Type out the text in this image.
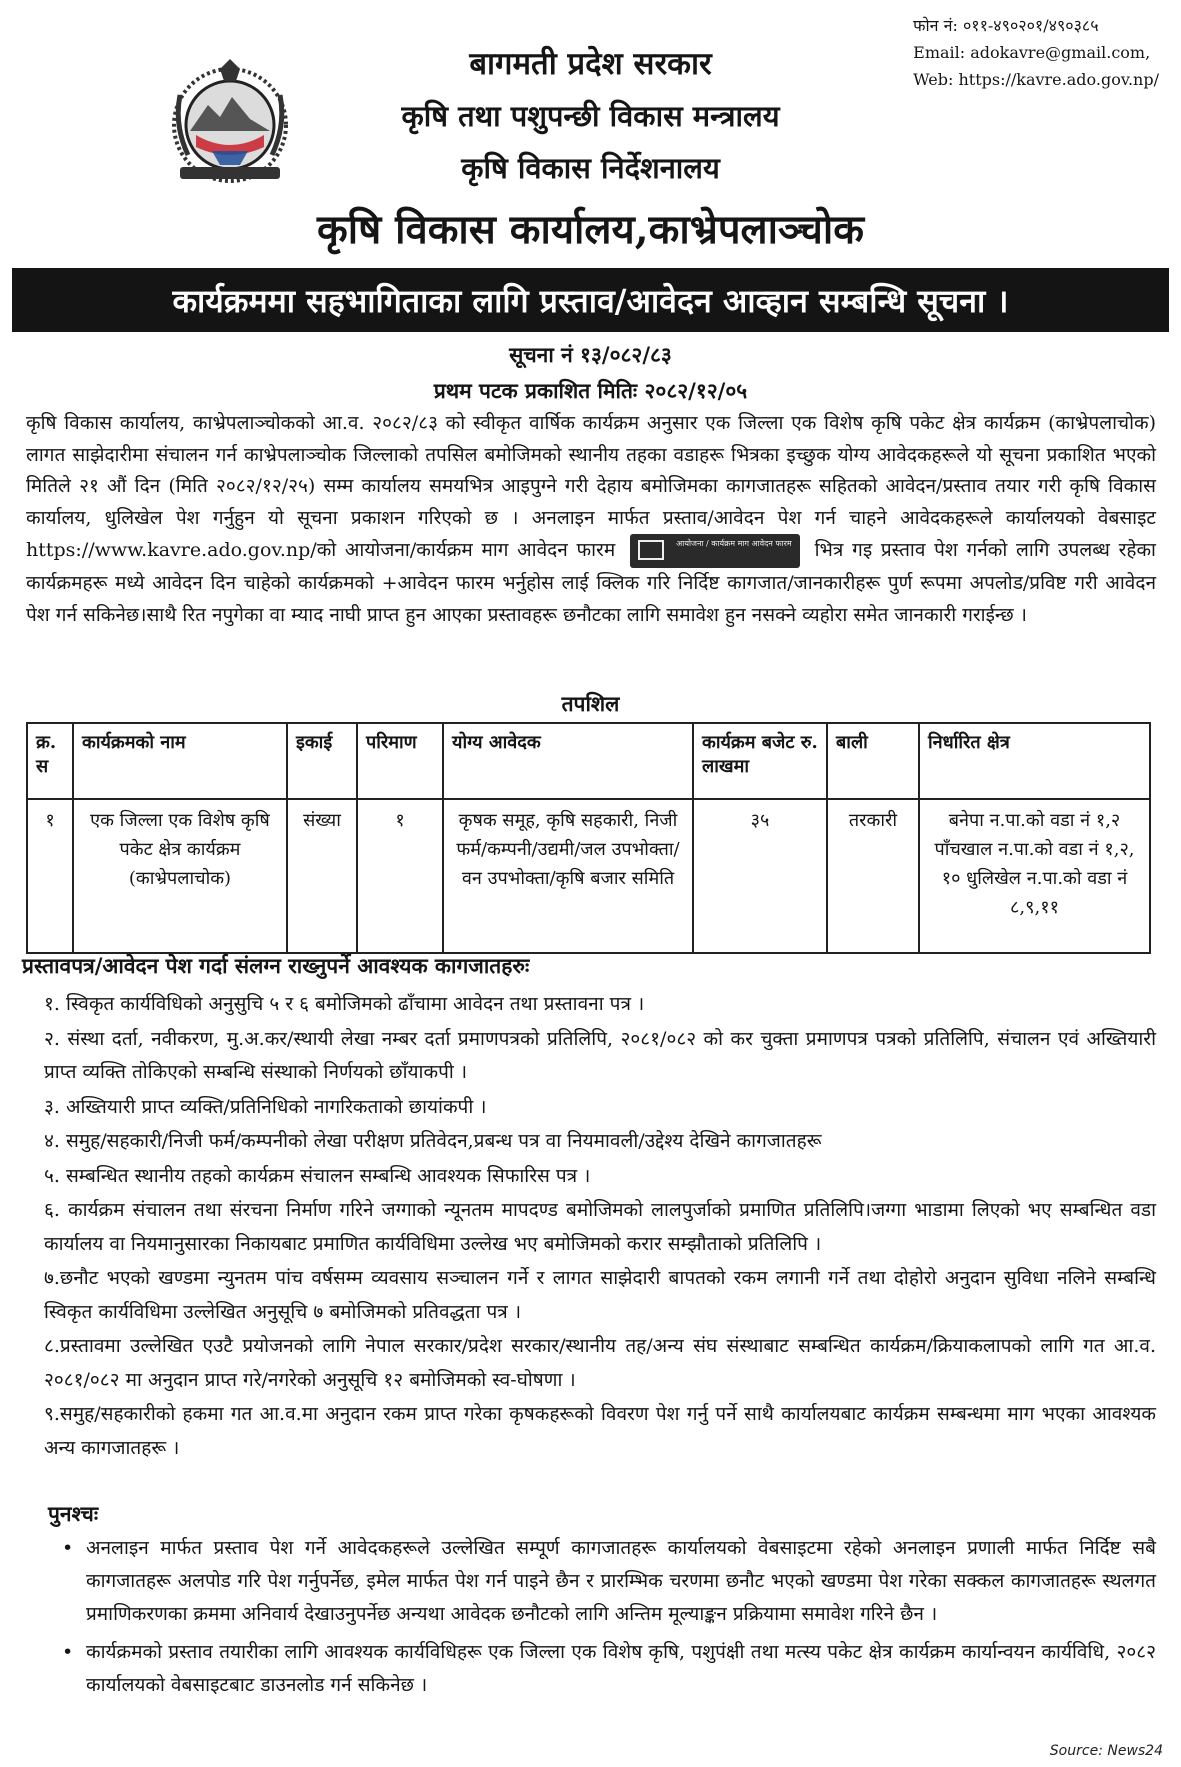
फोन नं: ०११-४९०२०१/४९०३८५
Email: adokavre@gmail.com,
Web: https://kavre.ado.gov.np/
बागमती प्रदेश सरकार
कृषि तथा पशुपन्छी विकास मन्त्रालय
कृषि विकास निर्देशनालय
कृषि विकास कार्यालय,काभ्रेपलाञ्चोक
कार्यक्रममा सहभागिताका लागि प्रस्ताव/आवेदन आव्हान सम्बन्धि सूचना ।
सूचना नं १३/०८२/८३
प्रथम पटक प्रकाशित मितिः २०८२/१२/०५
कृषि विकास कार्यालय, काभ्रेपलाञ्चोकको आ.व. २०८२/८३ को स्वीकृत वार्षिक कार्यक्रम अनुसार एक जिल्ला एक विशेष कृषि पकेट क्षेत्र कार्यक्रम (काभ्रेपलाचोक) लागत साझेदारीमा संचालन गर्न काभ्रेपलाञ्चोक जिल्लाको तपसिल बमोजिमको स्थानीय तहका वडाहरू भित्रका इच्छुक योग्य आवेदकहरूले यो सूचना प्रकाशित भएको मितिले २१ औं दिन (मिति २०८२/१२/२५) सम्म कार्यालय समयभित्र आइपुग्ने गरी देहाय बमोजिमका कागजातहरू सहितको आवेदन/प्रस्ताव तयार गरी कृषि विकास कार्यालय, धुलिखेल पेश गर्नुहुन यो सूचना प्रकाशन गरिएको छ । अनलाइन मार्फत प्रस्ताव/आवेदन पेश गर्न चाहने आवेदकहरूले कार्यालयको वेबसाइट https://www.kavre.ado.gov.np/को आयोजना/कार्यक्रम माग आवेदन फारम	आयोजना / कार्यक्रम माग आवेदन फारम भित्र गइ प्रस्ताव पेश गर्नको लागि उपलब्ध रहेका कार्यक्रमहरू मध्ये आवेदन दिन चाहेको कार्यक्रमको +आवेदन फारम भर्नुहोस लाई क्लिक गरि निर्दिष्ट कागजात/जानकारीहरू पुर्ण रूपमा अपलोड/प्रविष्ट गरी आवेदन पेश गर्न सकिनेछ।साथै रित नपुगेका वा म्याद नाघी प्राप्त हुन आएका प्रस्तावहरू छनौटका लागि समावेश हुन नसक्ने व्यहोरा समेत जानकारी गराईन्छ ।
तपशिल
क्र. स	कार्यक्रमको नाम	इकाई	परिमाण	योग्य आवेदक	कार्यक्रम बजेट रु. लाखमा	बाली	निर्धारित क्षेत्र
१	एक जिल्ला एक विशेष कृषि पकेट क्षेत्र कार्यक्रम (काभ्रेपलाचोक)	संख्या	१	कृषक समूह, कृषि सहकारी, निजी फर्म/कम्पनी/उद्यमी/जल उपभोक्ता/वन उपभोक्ता/कृषि बजार समिति	३५	तरकारी	बनेपा न.पा.को वडा नं १,२ पाँचखाल न.पा.को वडा नं १,२, १० धुलिखेल न.पा.को वडा नं ८,९,११
प्रस्तावपत्र/आवेदन पेश गर्दा संलग्न राख्नुपर्ने आवश्यक कागजातहरुः
१. स्विकृत कार्यविधिको अनुसुचि ५ र ६ बमोजिमको ढाँचामा आवेदन तथा प्रस्तावना पत्र ।
२. संस्था दर्ता, नवीकरण, मु.अ.कर/स्थायी लेखा नम्बर दर्ता प्रमाणपत्रको प्रतिलिपि, २०८१/०८२ को कर चुक्ता प्रमाणपत्र पत्रको प्रतिलिपि, संचालन एवं अख्तियारी प्राप्त व्यक्ति तोकिएको सम्बन्धि संस्थाको निर्णयको छाँयाकपी ।
३. अख्तियारी प्राप्त व्यक्ति/प्रतिनिधिको नागरिकताको छायांकपी ।
४. समुह/सहकारी/निजी फर्म/कम्पनीको लेखा परीक्षण प्रतिवेदन,प्रबन्ध पत्र वा नियमावली/उद्देश्य देखिने कागजातहरू
५. सम्बन्धित स्थानीय तहको कार्यक्रम संचालन सम्बन्धि आवश्यक सिफारिस पत्र ।
६. कार्यक्रम संचालन तथा संरचना निर्माण गरिने जग्गाको न्यूनतम मापदण्ड बमोजिमको लालपुर्जाको प्रमाणित प्रतिलिपि।जग्गा भाडामा लिएको भए सम्बन्धित वडा कार्यालय वा नियमानुसारका निकायबाट प्रमाणित कार्यविधिमा उल्लेख भए बमोजिमको करार सम्झौताको प्रतिलिपि ।
७.छनौट भएको खण्डमा न्युनतम पांच वर्षसम्म व्यवसाय सञ्चालन गर्ने र लागत साझेदारी बापतको रकम लगानी गर्ने तथा दोहोरो अनुदान सुविधा नलिने सम्बन्धि स्विकृत कार्यविधिमा उल्लेखित अनुसूचि ७ बमोजिमको प्रतिवद्धता पत्र ।
८.प्रस्तावमा उल्लेखित एउटै प्रयोजनको लागि नेपाल सरकार/प्रदेश सरकार/स्थानीय तह/अन्य संघ संस्थाबाट सम्बन्धित कार्यक्रम/क्रियाकलापको लागि गत आ.व. २०८१/०८२ मा अनुदान प्राप्त गरे/नगरेको अनुसूचि १२ बमोजिमको स्व-घोषणा ।
९.समुह/सहकारीको हकमा गत आ.व.मा अनुदान रकम प्राप्त गरेका कृषकहरूको विवरण पेश गर्नु पर्ने साथै कार्यालयबाट कार्यक्रम सम्बन्धमा माग भएका आवश्यक अन्य कागजातहरू ।
पुनश्चः
• अनलाइन मार्फत प्रस्ताव पेश गर्ने आवेदकहरूले उल्लेखित सम्पूर्ण कागजातहरू कार्यालयको वेबसाइटमा रहेको अनलाइन प्रणाली मार्फत निर्दिष्ट सबै कागजातहरू अलपोड गरि पेश गर्नुपर्नेछ, इमेल मार्फत पेश गर्न पाइने छैन र प्रारम्भिक चरणमा छनौट भएको खण्डमा पेश गरेका सक्कल कागजातहरू स्थलगत प्रमाणिकरणका क्रममा अनिवार्य देखाउनुपर्नेछ अन्यथा आवेदक छनौटको लागि अन्तिम मूल्याङ्कन प्रक्रियामा समावेश गरिने छैन ।
• कार्यक्रमको प्रस्ताव तयारीका लागि आवश्यक कार्यविधिहरू एक जिल्ला एक विशेष कृषि, पशुपंक्षी तथा मत्स्य पकेट क्षेत्र कार्यक्रम कार्यान्वयन कार्यविधि, २०८२ कार्यालयको वेबसाइटबाट डाउनलोड गर्न सकिनेछ ।
Source: News24
